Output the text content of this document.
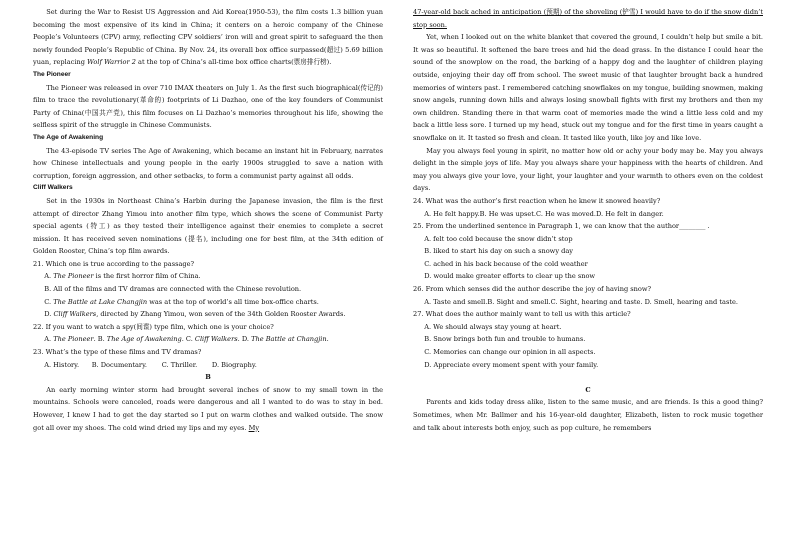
Set during the War to Resist US Aggression and Aid Korea(1950-53), the film costs 1.3 billion yuan becoming the most expensive of its kind in China; it centers on a heroic company of the Chinese People’s Volunteers (CPV) army, reflecting CPV soldiers’ iron will and great spirit to safeguard the then newly founded People’s Republic of China. By Nov. 24, its overall box office surpassed(超过) 5.69 billion yuan, replacing Wolf Warrior 2 at the top of China’s all-time box office charts(票房排行榜).

The Pioneer

The Pioneer was released in over 710 IMAX theaters on July 1. As the first such biographical(传记的) film to trace the revolutionary(革命的) footprints of Li Dazhao, one of the key founders of Communist Party of China(中国共产党), this film focuses on Li Dazhao’s memories throughout his life, showing the selfless spirit of the struggle in Chinese Communists.

The Age of Awakening

The 43-episode TV series The Age of Awakening, which became an instant hit in February, narrates how Chinese intellectuals and young people in the early 1900s struggled to save a nation with corruption, foreign aggression, and other setbacks, to form a communist party against all odds.

Cliff Walkers

Set in the 1930s in Northeast China’s Harbin during the Japanese invasion, the film is the first attempt of director Zhang Yimou into another film type, which shows the scene of Communist Party special agents (特工) as they tested their intelligence against their enemies to complete a secret mission. It has received seven nominations (提名), including one for best film, at the 34th edition of Golden Rooster, China’s top film awards.

21. Which one is true according to the passage?

A. The Pioneer is the first horror film of China.

B. All of the films and TV dramas are connected with the Chinese revolution.

C. The Battle at Lake Changjin was at the top of world’s all time box-office charts.

D. Cliff Walkers, directed by Zhang Yimou, won seven of the 34th Golden Rooster Awards.

22. If you want to watch a spy(间谍) type film, which one is your choice?

A. The Pioneer. B. The Age of Awakening. C. Cliff Walkers. D. The Battle at Changjin.

23. What’s the type of these films and TV dramas?

A. History.      B. Documentary.       C. Thriller.       D. Biography.

B

An early morning winter storm had brought several inches of snow to my small town in the mountains. Schools were canceled, roads were dangerous and all I wanted to do was to stay in bed. However, I knew I had to get the day started so I put on warm clothes and walked outside. The snow got all over my shoes. The cold wind dried my lips and my eyes. My

47-year-old back ached in anticipation (预期) of the shoveling (铲雪) I would have to do if the snow didn’t stop soon.

Yet, when I looked out on the white blanket that covered the ground, I couldn’t help but smile a bit. It was so beautiful. It softened the bare trees and hid the dead grass. In the distance I could hear the sound of the snowplow on the road, the barking of a happy dog and the laughter of children playing outside, enjoying their day off from school. The sweet music of that laughter brought back a hundred memories of winters past. I remembered catching snowflakes on my tongue, building snowmen, making snow angels, running down hills and always losing snowball fights with first my brothers and then my own children. Standing there in that warm coat of memories made the wind a little less cold and my back a little less sore. I turned up my head, stuck out my tongue and for the first time in years caught a snowflake on it. It tasted so fresh and clean. It tasted like youth, like joy and like love.

May you always feel young in spirit, no matter how old or achy your body may be. May you always delight in the simple joys of life. May you always share your happiness with the hearts of children. And may you always give your love, your light, your laughter and your warmth to others even on the coldest days.

24. What was the author’s first reaction when he knew it snowed heavily?

A. He felt happy.B. He was upset.C. He was moved.D. He felt in danger.

25. From the underlined sentence in Paragraph 1, we can know that the author________ .

A. felt too cold because the snow didn’t stop

B. liked to start his day on such a snowy day

C. ached in his back because of the cold weather

D. would make greater efforts to clear up the snow

26. From which senses did the author describe the joy of having snow?

A. Taste and smell.B. Sight and smell.C. Sight, hearing and taste. D. Smell, hearing and taste.

27. What does the author mainly want to tell us with this article?

A. We should always stay young at heart.

B. Snow brings both fun and trouble to humans.

C. Memories can change our opinion in all aspects.

D. Appreciate every moment spent with your family.

C

Parents and kids today dress alike, listen to the same music, and are friends. Is this a good thing? Sometimes, when Mr. Ballmer and his 16-year-old daughter, Elizabeth, listen to rock music together and talk about interests both enjoy, such as pop culture, he remembers
